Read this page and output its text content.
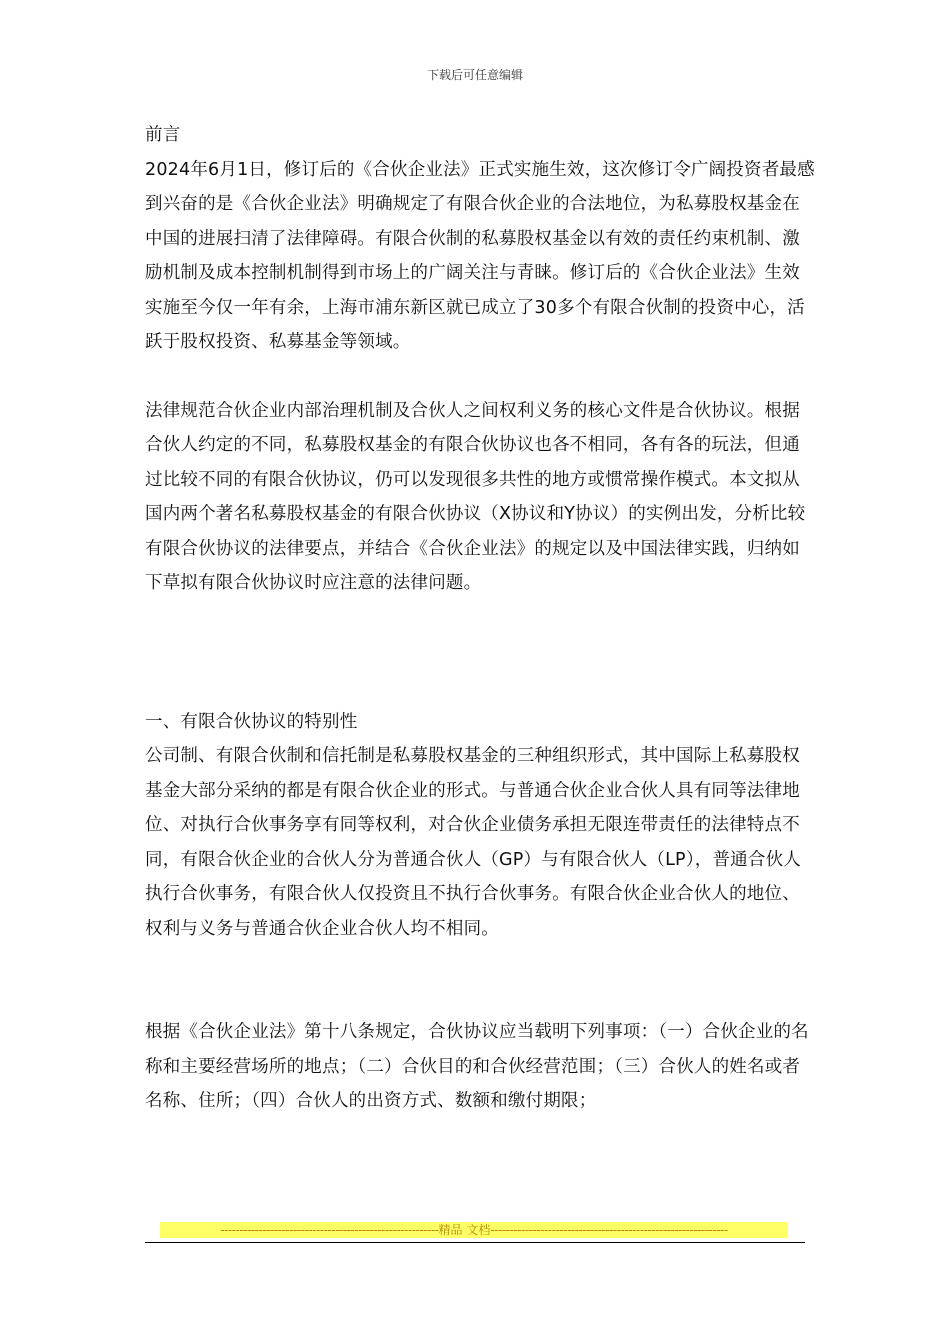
下载后可任意编辑

前言

2024年6月1日，修订后的《合伙企业法》正式实施生效，这次修订令广阔投资者最感到兴奋的是《合伙企业法》明确规定了有限合伙企业的合法地位，为私募股权基金在中国的进展扫清了法律障碍。有限合伙制的私募股权基金以有效的责任约束机制、激励机制及成本控制机制得到市场上的广阔关注与青睐。修订后的《合伙企业法》生效实施至今仅一年有余，上海市浦东新区就已成立了30多个有限合伙制的投资中心，活跃于股权投资、私募基金等领域。

法律规范合伙企业内部治理机制及合伙人之间权利义务的核心文件是合伙协议。根据合伙人约定的不同，私募股权基金的有限合伙协议也各不相同，各有各的玩法，但通过比较不同的有限合伙协议，仍可以发现很多共性的地方或惯常操作模式。本文拟从国内两个著名私募股权基金的有限合伙协议（X协议和Y协议）的实例出发，分析比较有限合伙协议的法律要点，并结合《合伙企业法》的规定以及中国法律实践，归纳如下草拟有限合伙协议时应注意的法律问题。

一、有限合伙协议的特别性

公司制、有限合伙制和信托制是私募股权基金的三种组织形式，其中国际上私募股权基金大部分采纳的都是有限合伙企业的形式。与普通合伙企业合伙人具有同等法律地位、对执行合伙事务享有同等权利，对合伙企业债务承担无限连带责任的法律特点不同，有限合伙企业的合伙人分为普通合伙人（GP）与有限合伙人（LP），普通合伙人执行合伙事务，有限合伙人仅投资且不执行合伙事务。有限合伙企业合伙人的地位、权利与义务与普通合伙企业合伙人均不相同。

根据《合伙企业法》第十八条规定，合伙协议应当载明下列事项：（一）合伙企业的名称和主要经营场所的地点；（二）合伙目的和合伙经营范围；（三）合伙人的姓名或者名称、住所；（四）合伙人的出资方式、数额和缴付期限；

---------------------------------------------------------精品 文档--------------------------------------------------------------
